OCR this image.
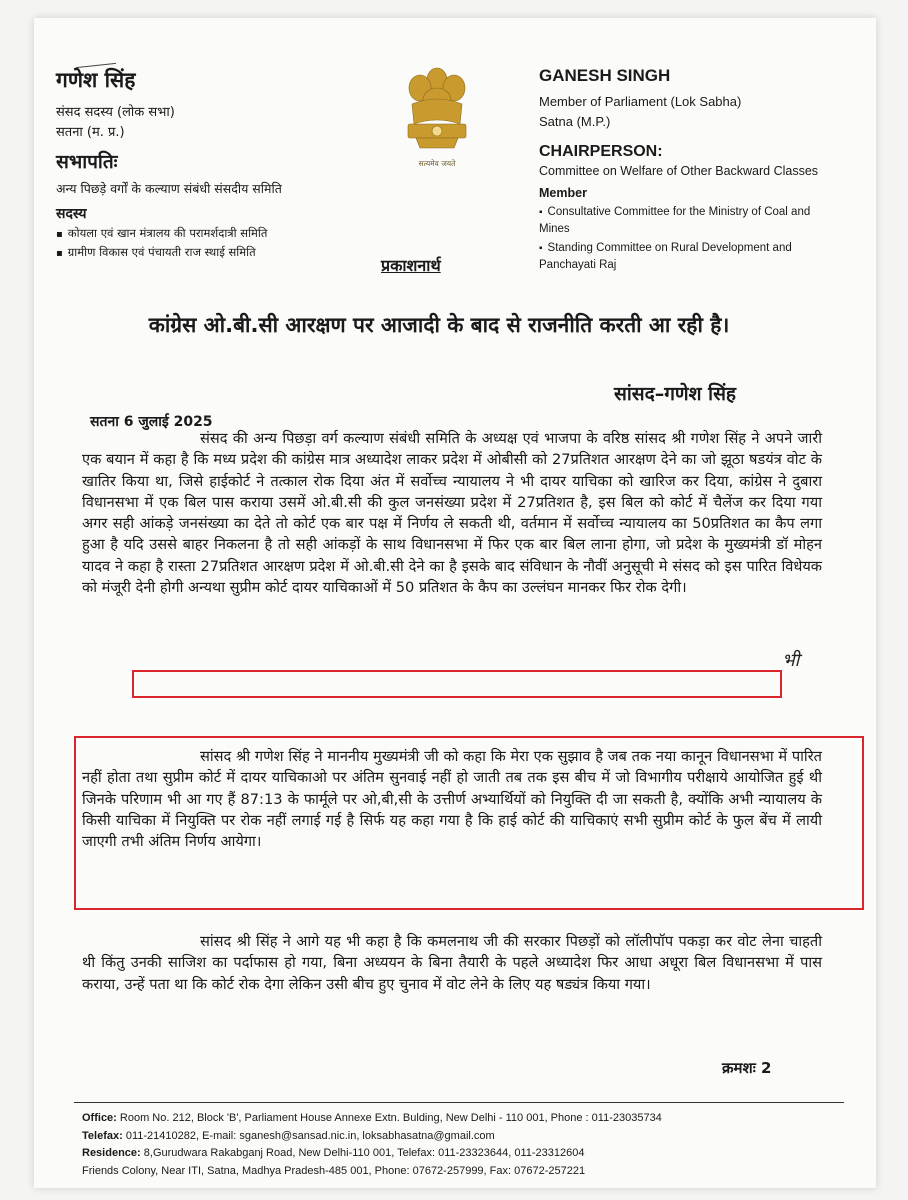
गणेश सिंह
संसद सदस्य (लोक सभा)
सतना (म. प्र.)
सभापतिः
अन्य पिछड़े वर्गों के कल्याण संबंधी संसदीय समिति
सदस्य
▪ कोयला एवं खान मंत्रालय की परामर्शदात्री समिति
▪ ग्रामीण विकास एवं पंचायती राज स्थाई समिति
सत्यमेव जयते
GANESH SINGH
Member of Parliament (Lok Sabha)
Satna (M.P.)
CHAIRPERSON:
Committee on Welfare of Other Backward Classes
Member
▪ Consultative Committee for the Ministry of Coal and Mines
▪ Standing Committee on Rural Development and Panchayati Raj
प्रकाशनार्थ
कांग्रेस ओ.बी.सी आरक्षण पर आजादी के बाद से राजनीति करती आ रही है।
सांसद–गणेश सिंह
सतना 6 जुलाई 2025
संसद की अन्य पिछड़ा वर्ग कल्याण संबंधी समिति के अध्यक्ष एवं भाजपा के वरिष्ठ सांसद श्री गणेश सिंह ने अपने जारी एक बयान में कहा है कि मध्य प्रदेश की कांग्रेस मात्र अध्यादेश लाकर प्रदेश में ओबीसी को 27प्रतिशत आरक्षण देने का जो झूठा षडयंत्र वोट के खातिर किया था, जिसे हाईकोर्ट ने तत्काल रोक दिया अंत में सर्वोच्च न्यायालय ने भी दायर याचिका को खारिज कर दिया, कांग्रेस ने दुबारा विधानसभा में एक बिल पास कराया उसमें ओ.बी.सी की कुल जनसंख्या प्रदेश में 27प्रतिशत है, इस बिल को कोर्ट में चैलेंज कर दिया गया अगर सही आंकड़े जनसंख्या का देते तो कोर्ट एक बार पक्ष में निर्णय ले सकती थी, वर्तमान में सर्वोच्च न्यायालय का 50प्रतिशत का कैप लगा हुआ है यदि उससे बाहर निकलना है तो सही आंकड़ों के साथ विधानसभा में फिर एक बार बिल लाना होगा, जो प्रदेश के मुख्यमंत्री डॉ मोहन यादव ने कहा है रास्ता 27प्रतिशत आरक्षण प्रदेश में ओ.बी.सी देने का है इसके बाद संविधान के नौवीं अनुसूची मे संसद को इस पारित विधेयक को मंजूरी देनी होगी अन्यथा सुप्रीम कोर्ट दायर याचिकाओं में 50 प्रतिशत के कैप का उल्लंघन मानकर फिर रोक देगी।
सांसद श्री गणेश सिंह ने माननीय मुख्यमंत्री जी को कहा कि मेरा एक सुझाव है जब तक नया कानून विधानसभा में पारित नहीं होता तथा सुप्रीम कोर्ट में दायर याचिकाओ पर अंतिम सुनवाई नहीं हो जाती तब तक इस बीच में जो विभागीय परीक्षाये आयोजित हुई थी जिनके परिणाम भी आ गए हैं 87:13 के फार्मूले पर ओ,बी,सी के उत्तीर्ण अभ्यार्थियों को नियुक्ति दी जा सकती है, क्योंकि अभी न्यायालय के किसी याचिका में नियुक्ति पर रोक नहीं लगाई गई है सिर्फ यह कहा गया है कि हाई कोर्ट की याचिकाएं सभी सुप्रीम कोर्ट के फुल बेंच में लायी जाएगी तभी अंतिम निर्णय आयेगा।
सांसद श्री सिंह ने आगे यह भी कहा है कि कमलनाथ जी की सरकार पिछड़ों को लॉलीपॉप पकड़ा कर वोट लेना चाहती थी किंतु उनकी साजिश का पर्दाफास हो गया, बिना अध्ययन के बिना तैयारी के पहले अध्यादेश फिर आधा अधूरा बिल विधानसभा में पास कराया, उन्हें पता था कि कोर्ट रोक देगा लेकिन उसी बीच हुए चुनाव में वोट लेने के लिए यह षड्यंत्र किया गया।
भी
क्रमशः 2
Office: Room No. 212, Block 'B', Parliament House Annexe Extn. Bulding, New Delhi - 110 001, Phone : 011-23035734
Telefax: 011-21410282, E-mail: sganesh@sansad.nic.in, loksabhasatna@gmail.com
Residence: 8,Gurudwara Rakabganj Road, New Delhi-110 001, Telefax: 011-23323644, 011-23312604
Friends Colony, Near ITI, Satna, Madhya Pradesh-485 001, Phone: 07672-257999, Fax: 07672-257221
